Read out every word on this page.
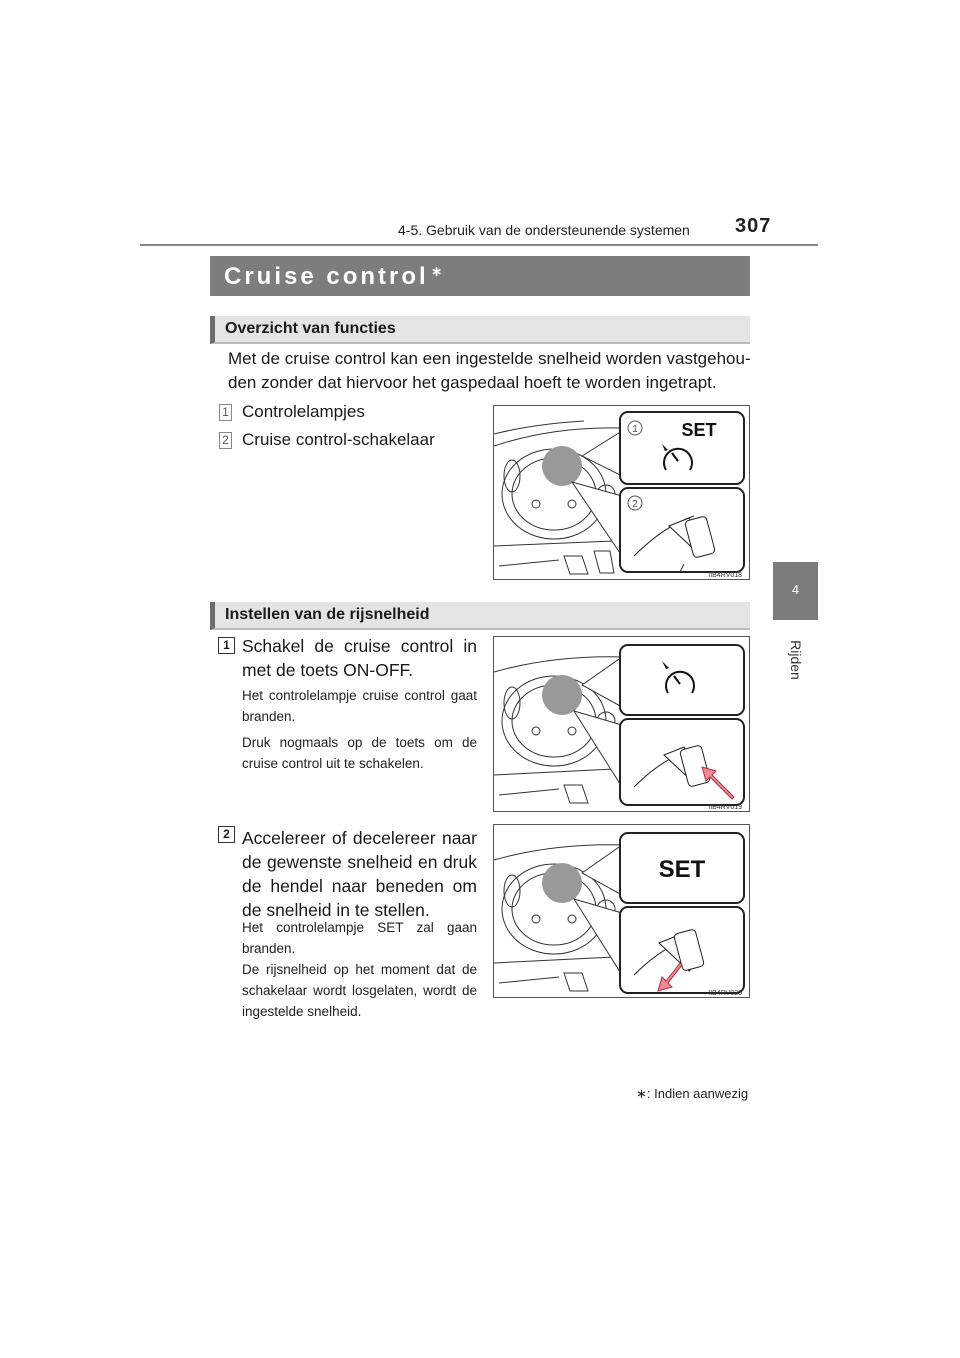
4-5. Gebruik van de ondersteunende systemen 307
4
Rijden
Cruise control ∗
Overzicht van functies
Met de cruise control kan een ingestelde snelheid worden vastgehou-
den zonder dat hiervoor het gaspedaal hoeft te worden ingetrapt.
1 Controlelampjes
2 Cruise control-schakelaar
1 SET
2
IIB4RV018
Instellen van de rijsnelheid
1 Schakel de cruise control in met de toets ON-OFF.
Het controlelampje cruise control gaat branden.
Druk nogmaals op de toets om de cruise control uit te schakelen.
IIB4RV019
2 Accelereer of decelereer naar de gewenste snelheid en druk de hendel naar beneden om de snelheid in te stellen.
Het controlelampje SET zal gaan branden.
De rijsnelheid op het moment dat de schakelaar wordt losgelaten, wordt de ingestelde snelheid.
SET
IIB4RV020
∗: Indien aanwezig
